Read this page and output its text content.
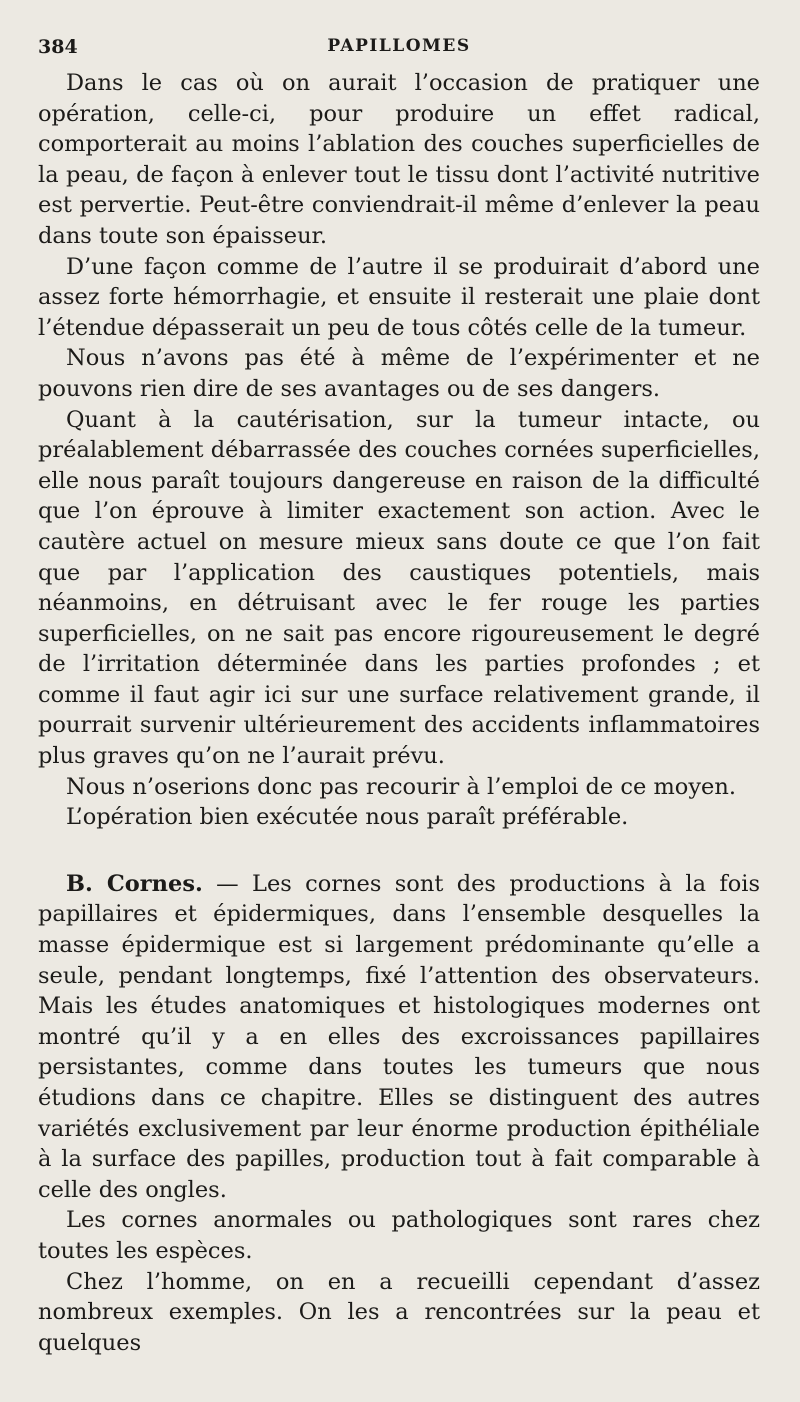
384	PAPILLOMES

Dans le cas où on aurait l’occasion de pratiquer une opération, celle-ci, pour produire un effet radical, comporterait au moins l’ablation des couches superficielles de la peau, de façon à enlever tout le tissu dont l’activité nutritive est pervertie. Peut-être conviendrait-il même d’enlever la peau dans toute son épaisseur.

D’une façon comme de l’autre il se produirait d’abord une assez forte hémorrhagie, et ensuite il resterait une plaie dont l’étendue dépasserait un peu de tous côtés celle de la tumeur.

Nous n’avons pas été à même de l’expérimenter et ne pouvons rien dire de ses avantages ou de ses dangers.

Quant à la cautérisation, sur la tumeur intacte, ou préalablement débarrassée des couches cornées superficielles, elle nous paraît toujours dangereuse en raison de la difficulté que l’on éprouve à limiter exactement son action. Avec le cautère actuel on mesure mieux sans doute ce que l’on fait que par l’application des caustiques potentiels, mais néanmoins, en détruisant avec le fer rouge les parties superficielles, on ne sait pas encore rigoureusement le degré de l’irritation déterminée dans les parties profondes ; et comme il faut agir ici sur une surface relativement grande, il pourrait survenir ultérieurement des accidents inflammatoires plus graves qu’on ne l’aurait prévu.

Nous n’oserions donc pas recourir à l’emploi de ce moyen.

L’opération bien exécutée nous paraît préférable.

B. Cornes. — Les cornes sont des productions à la fois papillaires et épidermiques, dans l’ensemble desquelles la masse épidermique est si largement prédominante qu’elle a seule, pendant longtemps, fixé l’attention des observateurs. Mais les études anatomiques et histologiques modernes ont montré qu’il y a en elles des excroissances papillaires persistantes, comme dans toutes les tumeurs que nous étudions dans ce chapitre. Elles se distinguent des autres variétés exclusivement par leur énorme production épithéliale à la surface des papilles, production tout à fait comparable à celle des ongles.

Les cornes anormales ou pathologiques sont rares chez toutes les espèces.

Chez l’homme, on en a recueilli cependant d’assez nombreux exemples. On les a rencontrées sur la peau et quelques
